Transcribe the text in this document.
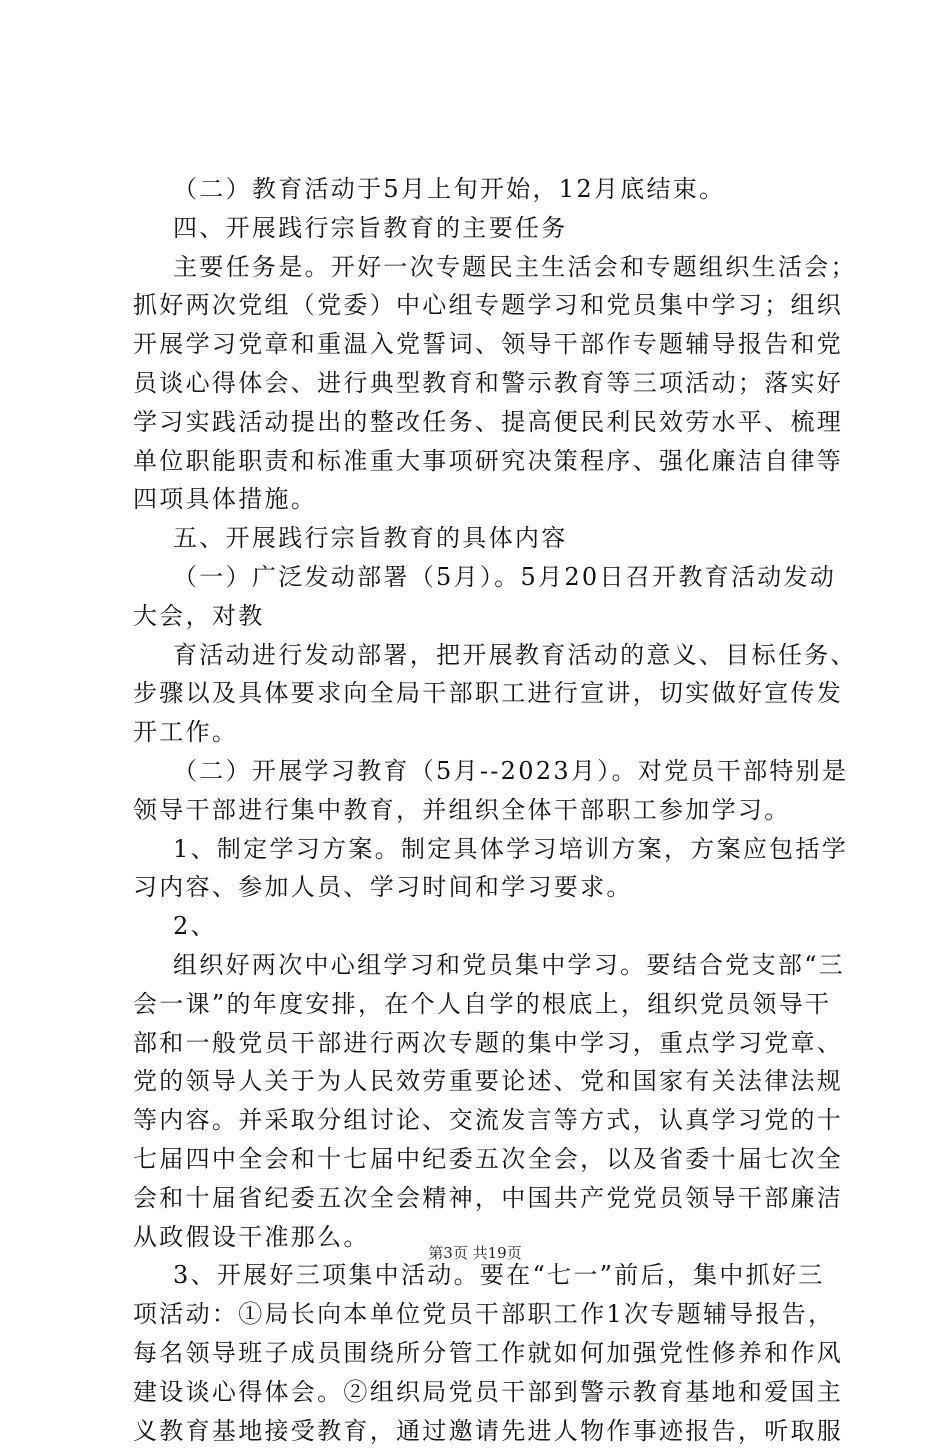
（二）教育活动于5月上旬开始，12月底结束。
四、开展践行宗旨教育的主要任务
主要任务是。开好一次专题民主生活会和专题组织生活会；
抓好两次党组（党委）中心组专题学习和党员集中学习；组织
开展学习党章和重温入党誓词、领导干部作专题辅导报告和党
员谈心得体会、进行典型教育和警示教育等三项活动；落实好
学习实践活动提出的整改任务、提高便民利民效劳水平、梳理
单位职能职责和标准重大事项研究决策程序、强化廉洁自律等
四项具体措施。
五、开展践行宗旨教育的具体内容
（一）广泛发动部署（5月）。5月20日召开教育活动发动
大会，对教
育活动进行发动部署，把开展教育活动的意义、目标任务、
步骤以及具体要求向全局干部职工进行宣讲，切实做好宣传发
开工作。
（二）开展学习教育（5月--2023月）。对党员干部特别是
领导干部进行集中教育，并组织全体干部职工参加学习。
1、制定学习方案。制定具体学习培训方案，方案应包括学
习内容、参加人员、学习时间和学习要求。
2、
组织好两次中心组学习和党员集中学习。要结合党支部“三
会一课”的年度安排，在个人自学的根底上，组织党员领导干
部和一般党员干部进行两次专题的集中学习，重点学习党章、
党的领导人关于为人民效劳重要论述、党和国家有关法律法规
等内容。并采取分组讨论、交流发言等方式，认真学习党的十
七届四中全会和十七届中纪委五次全会，以及省委十届七次全
会和十届省纪委五次全会精神，中国共产党党员领导干部廉洁
从政假设干准那么。
3、开展好三项集中活动。要在“七一”前后，集中抓好三
项活动：①局长向本单位党员干部职工作1次专题辅导报告，
每名领导班子成员围绕所分管工作就如何加强党性修养和作风
建设谈心得体会。②组织局党员干部到警示教育基地和爱国主
义教育基地接受教育，通过邀请先进人物作事迹报告，听取服
第3页 共19页
